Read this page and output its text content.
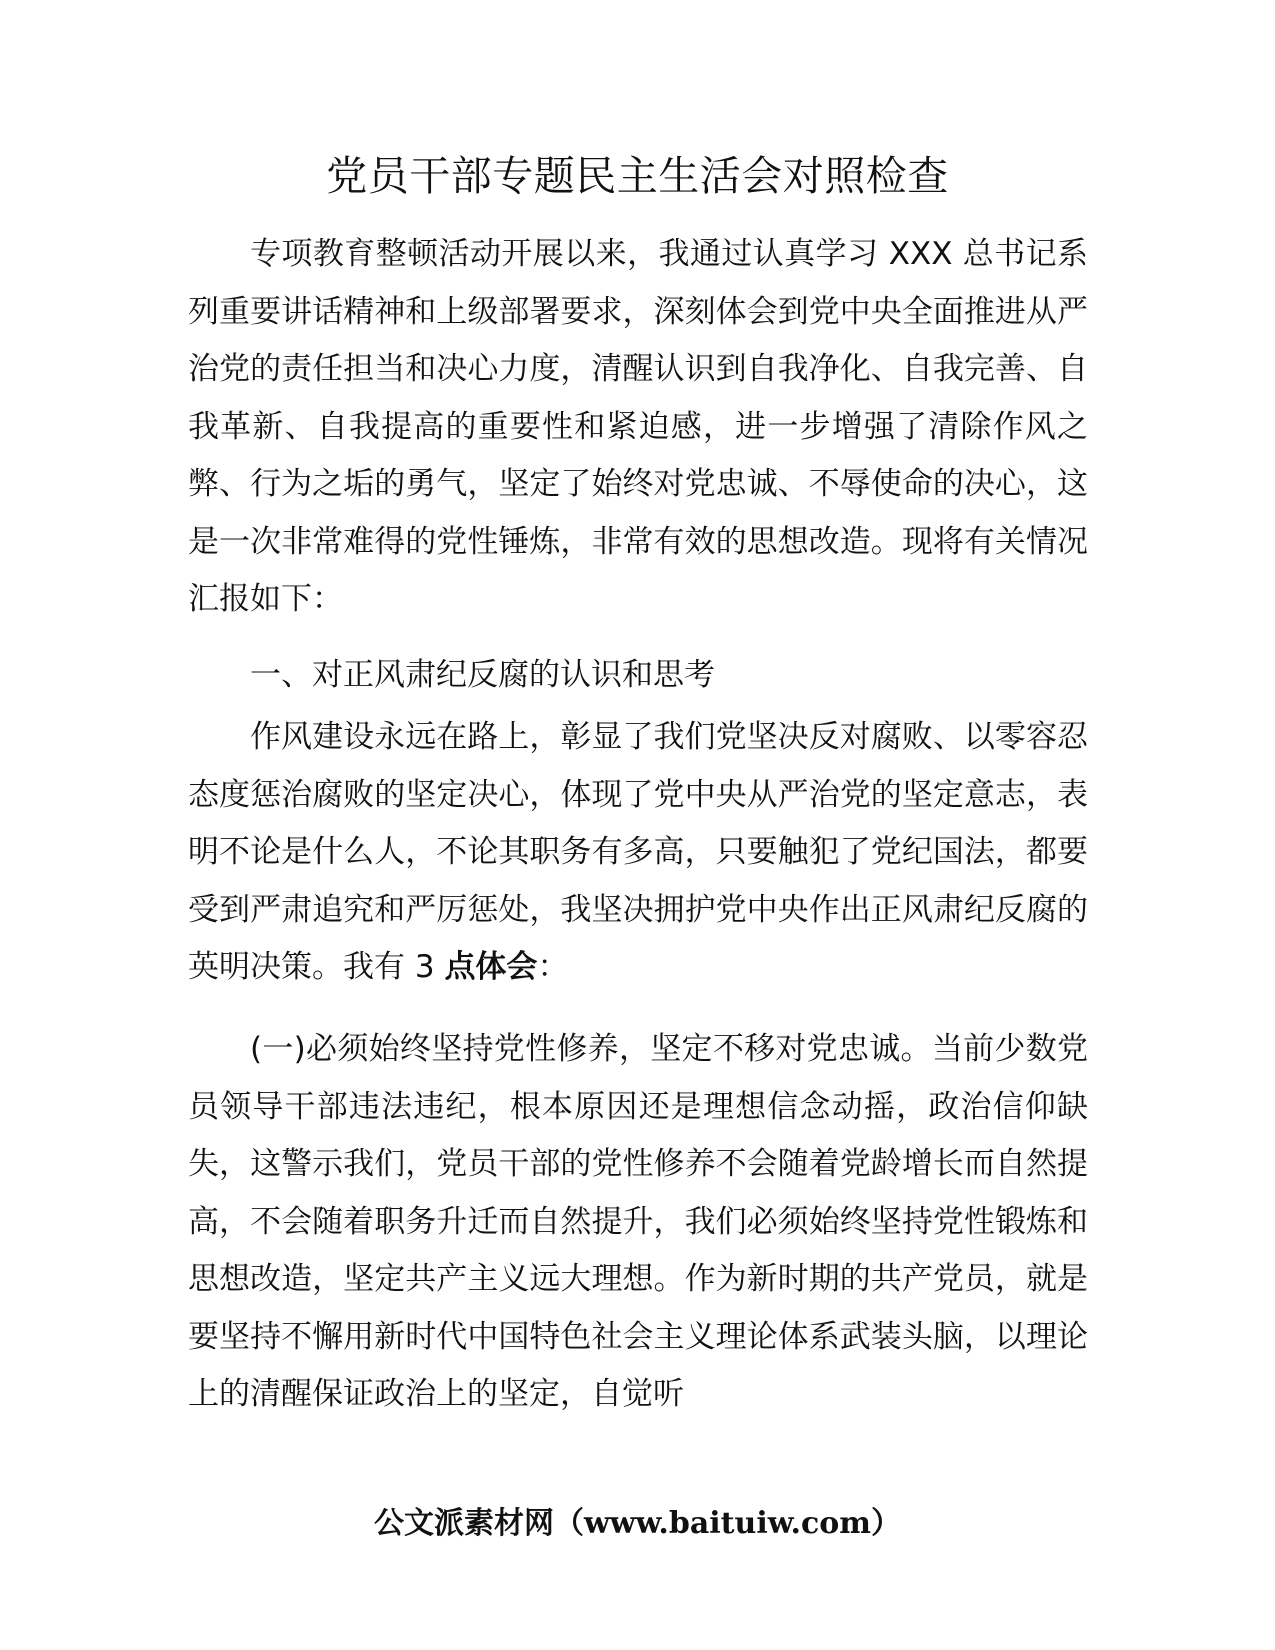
党员干部专题民主生活会对照检查

专项教育整顿活动开展以来，我通过认真学习 XXX 总书记系列重要讲话精神和上级部署要求，深刻体会到党中央全面推进从严治党的责任担当和决心力度，清醒认识到自我净化、自我完善、自我革新、自我提高的重要性和紧迫感，进一步增强了清除作风之弊、行为之垢的勇气，坚定了始终对党忠诚、不辱使命的决心，这是一次非常难得的党性锤炼，非常有效的思想改造。现将有关情况汇报如下：

一、对正风肃纪反腐的认识和思考

作风建设永远在路上，彰显了我们党坚决反对腐败、以零容忍态度惩治腐败的坚定决心，体现了党中央从严治党的坚定意志，表明不论是什么人，不论其职务有多高，只要触犯了党纪国法，都要受到严肃追究和严厉惩处，我坚决拥护党中央作出正风肃纪反腐的英明决策。我有 3 点体会：

(一)必须始终坚持党性修养，坚定不移对党忠诚。当前少数党员领导干部违法违纪，根本原因还是理想信念动摇，政治信仰缺失，这警示我们，党员干部的党性修养不会随着党龄增长而自然提高，不会随着职务升迁而自然提升，我们必须始终坚持党性锻炼和思想改造，坚定共产主义远大理想。作为新时期的共产党员，就是要坚持不懈用新时代中国特色社会主义理论体系武装头脑，以理论上的清醒保证政治上的坚定，自觉听

公文派素材网（www.baituiw.com）
